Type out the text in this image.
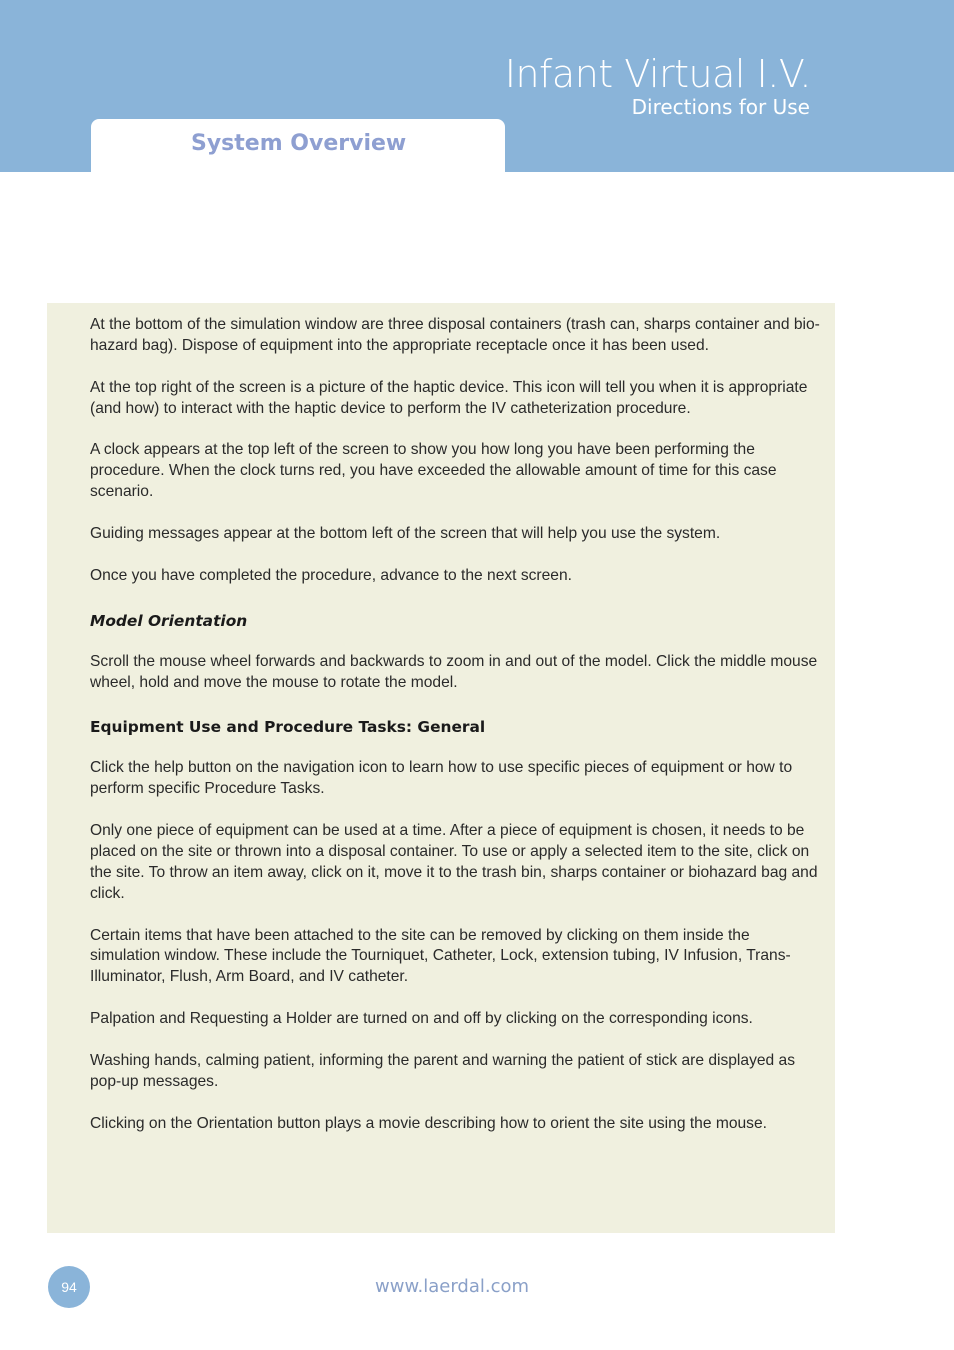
Infant Virtual I.V.
Directions for Use
System Overview

At the bottom of the simulation window are three disposal containers (trash can, sharps container and bio-hazard bag). Dispose of equipment into the appropriate receptacle once it has been used.

At the top right of the screen is a picture of the haptic device. This icon will tell you when it is appropriate (and how) to interact with the haptic device to perform the IV catheterization procedure.

A clock appears at the top left of the screen to show you how long you have been performing the procedure. When the clock turns red, you have exceeded the allowable amount of time for this case scenario.

Guiding messages appear at the bottom left of the screen that will help you use the system.

Once you have completed the procedure, advance to the next screen.

Model Orientation

Scroll the mouse wheel forwards and backwards to zoom in and out of the model. Click the middle mouse wheel, hold and move the mouse to rotate the model.

Equipment Use and Procedure Tasks: General

Click the help button on the navigation icon to learn how to use specific pieces of equipment or how to perform specific Procedure Tasks.

Only one piece of equipment can be used at a time. After a piece of equipment is chosen, it needs to be placed on the site or thrown into a disposal container. To use or apply a selected item to the site, click on the site. To throw an item away, click on it, move it to the trash bin, sharps container or biohazard bag and click.

Certain items that have been attached to the site can be removed by clicking on them inside the simulation window. These include the Tourniquet, Catheter, Lock, extension tubing, IV Infusion, Trans-Illuminator, Flush, Arm Board, and IV catheter.

Palpation and Requesting a Holder are turned on and off by clicking on the corresponding icons.

Washing hands, calming patient, informing the parent and warning the patient of stick are displayed as pop-up messages.

Clicking on the Orientation button plays a movie describing how to orient the site using the mouse.

94	www.laerdal.com
